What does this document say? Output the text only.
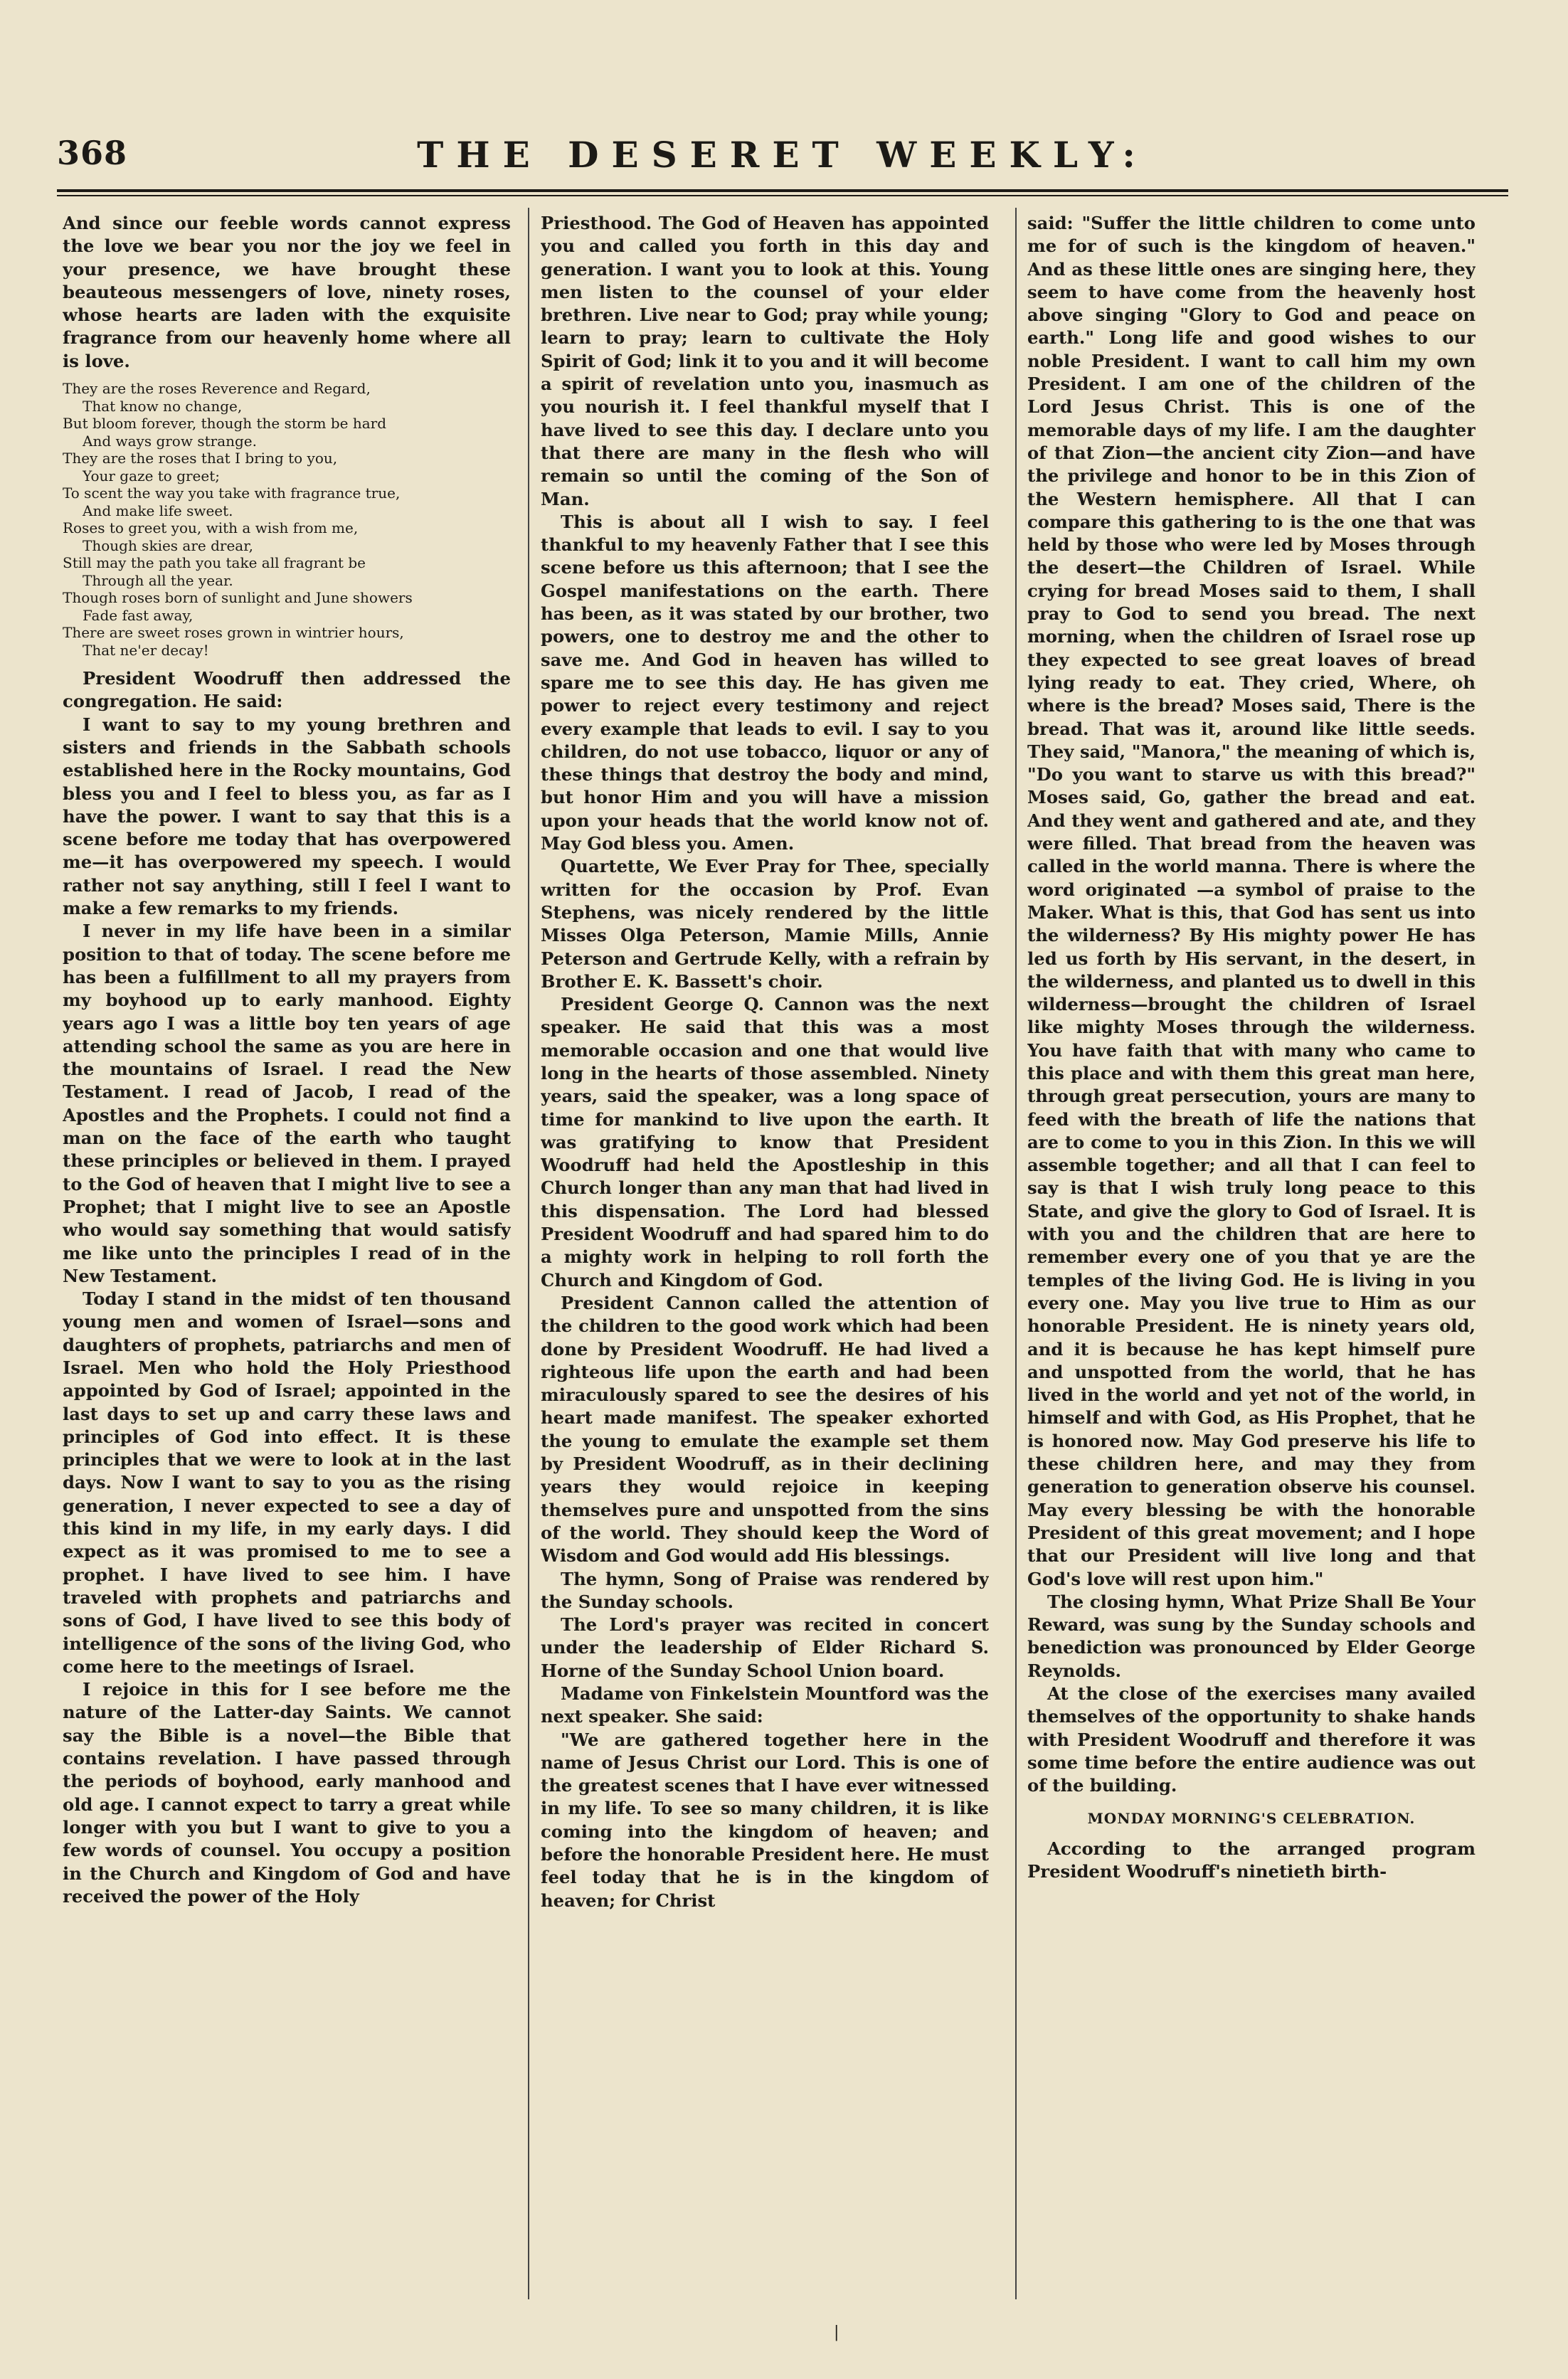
368	THE DESERET WEEKLY:

And since our feeble words cannot express the love we bear you nor the joy we feel in your presence, we have brought these beauteous messengers of love, ninety roses, whose hearts are laden with the exquisite fragrance from our heavenly home where all is love.

They are the roses Reverence and Regard,
That know no change,
But bloom forever, though the storm be hard
And ways grow strange.
They are the roses that I bring to you,
Your gaze to greet;
To scent the way you take with fragrance true,
And make life sweet.
Roses to greet you, with a wish from me,
Though skies are drear,
Still may the path you take all fragrant be
Through all the year.
Though roses born of sunlight and June showers
Fade fast away,
There are sweet roses grown in wintrier hours,
That ne'er decay!

President Woodruff then addressed the congregation. He said:

I want to say to my young brethren and sisters and friends in the Sabbath schools established here in the Rocky mountains, God bless you and I feel to bless you, as far as I have the power. I want to say that this is a scene before me today that has overpowered me—it has overpowered my speech. I would rather not say anything, still I feel I want to make a few remarks to my friends.

I never in my life have been in a similar position to that of today. The scene before me has been a fulfillment to all my prayers from my boyhood up to early manhood. Eighty years ago I was a little boy ten years of age attending school the same as you are here in the mountains of Israel. I read the New Testament. I read of Jacob, I read of the Apostles and the Prophets. I could not find a man on the face of the earth who taught these principles or believed in them. I prayed to the God of heaven that I might live to see a Prophet; that I might live to see an Apostle who would say something that would satisfy me like unto the principles I read of in the New Testament.

Today I stand in the midst of ten thousand young men and women of Israel—sons and daughters of prophets, patriarchs and men of Israel. Men who hold the Holy Priesthood appointed by God of Israel; appointed in the last days to set up and carry these laws and principles of God into effect. It is these principles that we were to look at in the last days. Now I want to say to you as the rising generation, I never expected to see a day of this kind in my life, in my early days. I did expect as it was promised to me to see a prophet. I have lived to see him. I have traveled with prophets and patriarchs and sons of God, I have lived to see this body of intelligence of the sons of the living God, who come here to the meetings of Israel.

I rejoice in this for I see before me the nature of the Latter-day Saints. We cannot say the Bible is a novel—the Bible that contains revelation. I have passed through the periods of boyhood, early manhood and old age. I cannot expect to tarry a great while longer with you but I want to give to you a few words of counsel. You occupy a position in the Church and Kingdom of God and have received the power of the Holy

Priesthood. The God of Heaven has appointed you and called you forth in this day and generation. I want you to look at this. Young men listen to the counsel of your elder brethren. Live near to God; pray while young; learn to pray; learn to cultivate the Holy Spirit of God; link it to you and it will become a spirit of revelation unto you, inasmuch as you nourish it. I feel thankful myself that I have lived to see this day. I declare unto you that there are many in the flesh who will remain so until the coming of the Son of Man.

This is about all I wish to say. I feel thankful to my heavenly Father that I see this scene before us this afternoon; that I see the Gospel manifestations on the earth. There has been, as it was stated by our brother, two powers, one to destroy me and the other to save me. And God in heaven has willed to spare me to see this day. He has given me power to reject every testimony and reject every example that leads to evil. I say to you children, do not use tobacco, liquor or any of these things that destroy the body and mind, but honor Him and you will have a mission upon your heads that the world know not of. May God bless you. Amen.

Quartette, We Ever Pray for Thee, specially written for the occasion by Prof. Evan Stephens, was nicely rendered by the little Misses Olga Peterson, Mamie Mills, Annie Peterson and Gertrude Kelly, with a refrain by Brother E. K. Bassett's choir.

President George Q. Cannon was the next speaker. He said that this was a most memorable occasion and one that would live long in the hearts of those assembled. Ninety years, said the speaker, was a long space of time for mankind to live upon the earth. It was gratifying to know that President Woodruff had held the Apostleship in this Church longer than any man that had lived in this dispensation. The Lord had blessed President Woodruff and had spared him to do a mighty work in helping to roll forth the Church and Kingdom of God.

President Cannon called the attention of the children to the good work which had been done by President Woodruff. He had lived a righteous life upon the earth and had been miraculously spared to see the desires of his heart made manifest. The speaker exhorted the young to emulate the example set them by President Woodruff, as in their declining years they would rejoice in keeping themselves pure and unspotted from the sins of the world. They should keep the Word of Wisdom and God would add His blessings.

The hymn, Song of Praise was rendered by the Sunday schools.

The Lord's prayer was recited in concert under the leadership of Elder Richard S. Horne of the Sunday School Union board.

Madame von Finkelstein Mountford was the next speaker. She said:

"We are gathered together here in the name of Jesus Christ our Lord. This is one of the greatest scenes that I have ever witnessed in my life. To see so many children, it is like coming into the kingdom of heaven; and before the honorable President here. He must feel today that he is in the kingdom of heaven; for Christ

said: "Suffer the little children to come unto me for of such is the kingdom of heaven." And as these little ones are singing here, they seem to have come from the heavenly host above singing "Glory to God and peace on earth." Long life and good wishes to our noble President. I want to call him my own President. I am one of the children of the Lord Jesus Christ. This is one of the memorable days of my life. I am the daughter of that Zion—the ancient city Zion—and have the privilege and honor to be in this Zion of the Western hemisphere. All that I can compare this gathering to is the one that was held by those who were led by Moses through the desert—the Children of Israel. While crying for bread Moses said to them, I shall pray to God to send you bread. The next morning, when the children of Israel rose up they expected to see great loaves of bread lying ready to eat. They cried, Where, oh where is the bread? Moses said, There is the bread. That was it, around like little seeds. They said, "Manora," the meaning of which is, "Do you want to starve us with this bread?" Moses said, Go, gather the bread and eat. And they went and gathered and ate, and they were filled. That bread from the heaven was called in the world manna. There is where the word originated —a symbol of praise to the Maker. What is this, that God has sent us into the wilderness? By His mighty power He has led us forth by His servant, in the desert, in the wilderness, and planted us to dwell in this wilderness—brought the children of Israel like mighty Moses through the wilderness. You have faith that with many who came to this place and with them this great man here, through great persecution, yours are many to feed with the breath of life the nations that are to come to you in this Zion. In this we will assemble together; and all that I can feel to say is that I wish truly long peace to this State, and give the glory to God of Israel. It is with you and the children that are here to remember every one of you that ye are the temples of the living God. He is living in you every one. May you live true to Him as our honorable President. He is ninety years old, and it is because he has kept himself pure and unspotted from the world, that he has lived in the world and yet not of the world, in himself and with God, as His Prophet, that he is honored now. May God preserve his life to these children here, and may they from generation to generation observe his counsel. May every blessing be with the honorable President of this great movement; and I hope that our President will live long and that God's love will rest upon him."

The closing hymn, What Prize Shall Be Your Reward, was sung by the Sunday schools and benediction was pronounced by Elder George Reynolds.

At the close of the exercises many availed themselves of the opportunity to shake hands with President Woodruff and therefore it was some time before the entire audience was out of the building.

MONDAY MORNING'S CELEBRATION.

According to the arranged program President Woodruff's ninetieth birth-

|
